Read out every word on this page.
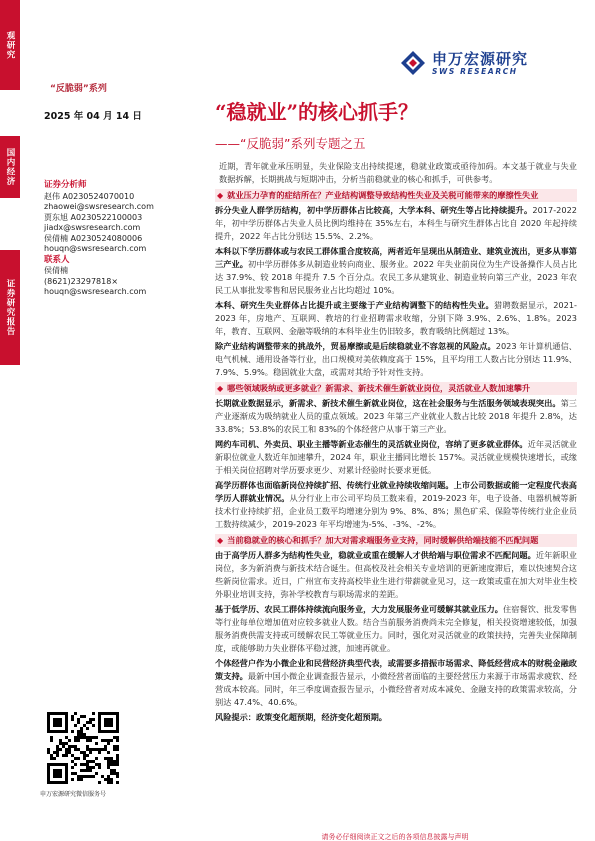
观研究
国内经济
证券研究报告
申万宏源研究
SWS RESEARCH
“反脆弱”系列
2025 年 04 月 14 日	“稳就业”的核心抓手？
——“反脆弱”系列专题之五
证券分析师
赵伟 A0230524070010
zhaowei@swsresearch.com
贾东旭 A0230522100003
jiadx@swsresearch.com
侯倩楠 A0230524080006
houqn@swsresearch.com
联系人
侯倩楠
(8621)23297818×
houqn@swsresearch.com
申万宏源研究微信服务号

近期，青年就业承压明显，失业保险支出持续提速，稳就业政策或亟待加码。本文基于就业与失业数据拆解，长期挑战与短期冲击，分析当前稳就业的核心和抓手，可供参考。

◆ 就业压力孕育的症结所在？产业结构调整导致结构性失业及关税可能带来的摩擦性失业

拆分失业人群学历结构，初中学历群体占比较高，大学本科、研究生等占比持续提升。2017-2022 年，初中学历群体占失业人员比例均维持在 35%左右，本科生与研究生群体占比自 2020 年起持续提升，2022 年占比分别达 15.5%、2.2%。

本科以下学历群体或与农民工群体重合度较高，两者近年呈现出从制造业、建筑业流出，更多从事第三产业。初中学历群体多从制造业转向商业、服务业。2022 年失业前岗位为生产设备操作人员占比达 37.9%、较 2018 年提升 7.5 个百分点。农民工多从建筑业、制造业转向第三产业，2023 年农民工从事批发零售和居民服务业占比均超过 10%。

本科、研究生失业群体占比提升或主要缘于产业结构调整下的结构性失业。猎聘数据显示，2021-2023 年，房地产、互联网、教培的行业招聘需求收缩，分别下降 3.9%、2.6%、1.8%。2023 年，教育、互联网、金融等吸纳的本科毕业生仍旧较多，教育吸纳比例超过 13%。

除产业结构调整带来的挑战外，贸易摩擦或是后续稳就业不容忽视的风险点。2023 年计算机通信、电气机械、通用设备等行业，出口规模对美依赖度高于 15%，且平均用工人数占比分别达 11.9%、7.9%、5.9%。稳固就业大盘，或需对其给予针对性支持。

◆ 哪些领域吸纳或更多就业？新需求、新技术催生新就业岗位，灵活就业人数加速攀升

长期就业数据显示，新需求、新技术催生新就业岗位，这在社会服务与生活服务领域表现突出。第三产业逐渐成为吸纳就业人员的重点领域。2023 年第三产业就业人数占比较 2018 年提升 2.8%，达 33.8%；53.8%的农民工和 83%的个体经营户从事于第三产业。

网约车司机、外卖员、职业主播等新业态催生的灵活就业岗位，容纳了更多就业群体。近年灵活就业新职位就业人数近年加速攀升，2024 年，职业主播同比增长 157%。灵活就业规模快速增长，或缘于相关岗位招聘对学历要求更少、对累计经验时长要求更低。

高学历群体也面临新岗位持续扩招、传统行业就业持续收缩问题。上市公司数据或能一定程度代表高学历人群就业情况。从分行业上市公司平均员工数来看，2019-2023 年，电子设备、电器机械等新技术行业持续扩招，企业员工数平均增速分别为 9%、8%、8%；黑色矿采、保险等传统行业企业员工数持续减少，2019-2023 年平均增速为-5%、-3%、-2%。

◆ 当前稳就业的核心和抓手？加大对需求端服务业支持，同时缓解供给端技能不匹配问题

由于高学历人群多为结构性失业，稳就业或重在缓解人才供给端与职位需求不匹配问题。近年新职业岗位，多为新消费与新技术结合诞生。但高校及社会相关专业培训的更新速度滞后，难以快速契合这些新岗位需求。近日，广州宣布支持高校毕业生进行带薪就业见习，这一政策或重在加大对毕业生校外职业培训支持，弥补学校教育与职场需求的差距。

基于低学历、农民工群体持续流向服务业，大力发展服务业可缓解其就业压力。住宿餐饮、批发零售等行业每单位增加值对应较多就业人数。结合当前服务消费尚未完全修复，相关投资增速较低，加强服务消费供需支持或可缓解农民工等就业压力。同时，强化对灵活就业的政策扶持，完善失业保障制度，或能够助力失业群体平稳过渡，加速再就业。

个体经营户作为小微企业和民营经济典型代表，或需要多措振市场需求、降低经营成本的财税金融政策支持。最新中国小微企业调查报告显示，小微经营者面临的主要经营压力来源于市场需求疲软、经营成本较高。同时，年三季度调查报告显示，小微经营者对成本减免、金融支持的政策需求较高，分别达 47.4%、40.6%。

风险提示：政策变化超预期，经济变化超预期。

请务必仔细阅读正文之后的各项信息披露与声明
